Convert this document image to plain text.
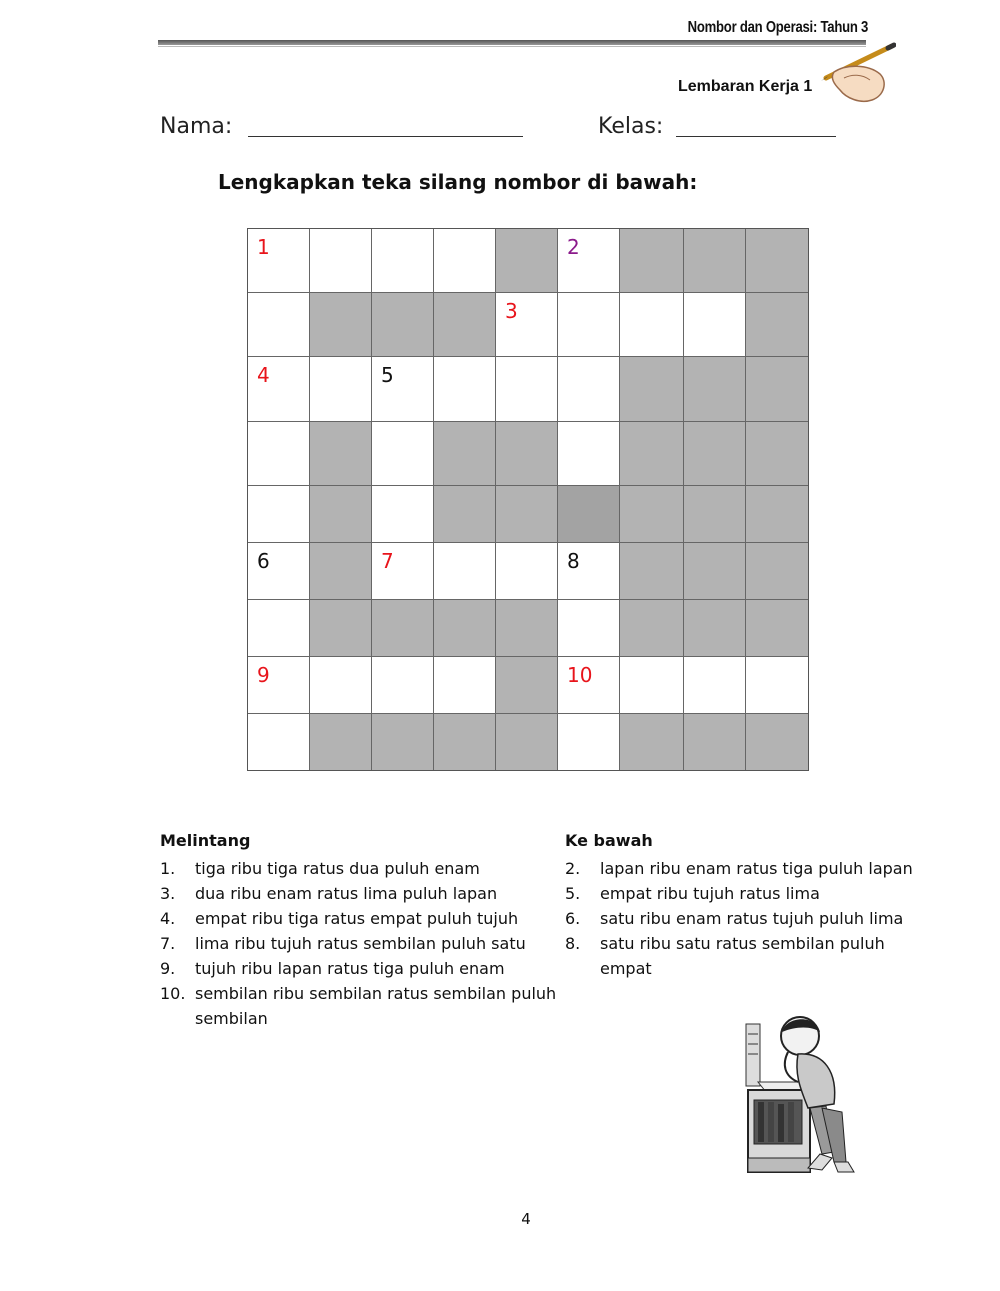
Nombor dan Operasi: Tahun 3
Lembaran Kerja 1
Nama:	Kelas:
Lengkapkan teka silang nombor di bawah:
1	2
3
4	5
6	7	8
9	10
Melintang
1. tiga ribu tiga ratus dua puluh enam
3. dua ribu enam ratus lima puluh lapan
4. empat ribu tiga ratus empat puluh tujuh
7. lima ribu tujuh ratus sembilan puluh satu
9. tujuh ribu lapan ratus tiga puluh enam
10. sembilan ribu sembilan ratus sembilan puluh sembilan
Ke bawah
2. lapan ribu enam ratus tiga puluh lapan
5. empat ribu tujuh ratus lima
6. satu ribu enam ratus tujuh puluh lima
8. satu ribu satu ratus sembilan puluh empat
4
